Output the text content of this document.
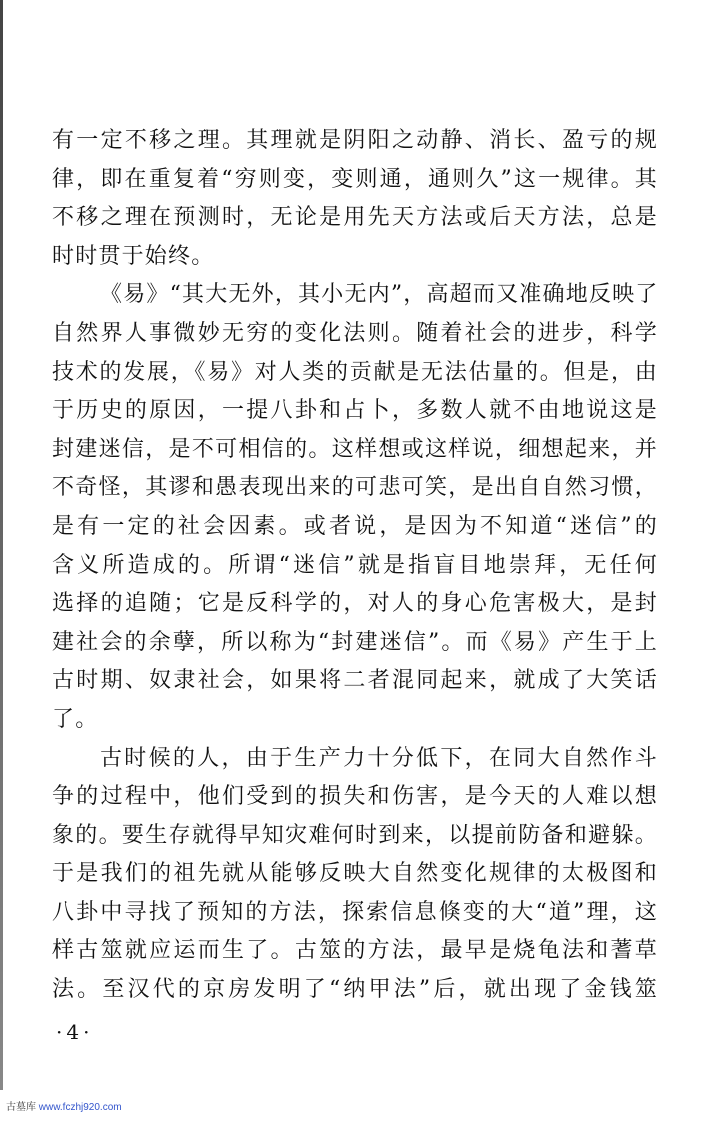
有一定不移之理。其理就是阴阳之动静、消长、盈亏的规
律，即在重复着“穷则变，变则通，通则久”这一规律。其
不移之理在预测时，无论是用先天方法或后天方法，总是
时时贯于始终。
《易》“其大无外，其小无内”，高超而又准确地反映了
自然界人事微妙无穷的变化法则。随着社会的进步，科学
技术的发展，《易》对人类的贡献是无法估量的。但是，由
于历史的原因，一提八卦和占卜，多数人就不由地说这是
封建迷信，是不可相信的。这样想或这样说，细想起来，并
不奇怪，其谬和愚表现出来的可悲可笑，是出自自然习惯，
是有一定的社会因素。或者说，是因为不知道“迷信”的
含义所造成的。所谓“迷信”就是指盲目地崇拜，无任何
选择的追随；它是反科学的，对人的身心危害极大，是封
建社会的余孽，所以称为“封建迷信”。而《易》产生于上
古时期、奴隶社会，如果将二者混同起来，就成了大笑话
了。
古时候的人，由于生产力十分低下，在同大自然作斗
争的过程中，他们受到的损失和伤害，是今天的人难以想
象的。要生存就得早知灾难何时到来，以提前防备和避躲。
于是我们的祖先就从能够反映大自然变化规律的太极图和
八卦中寻找了预知的方法，探索信息倏变的大“道”理，这
样古筮就应运而生了。古筮的方法，最早是烧龟法和蓍草
法。至汉代的京房发明了“纳甲法”后，就出现了金钱筮
·4·
古墓库 www.fczhj920.com
